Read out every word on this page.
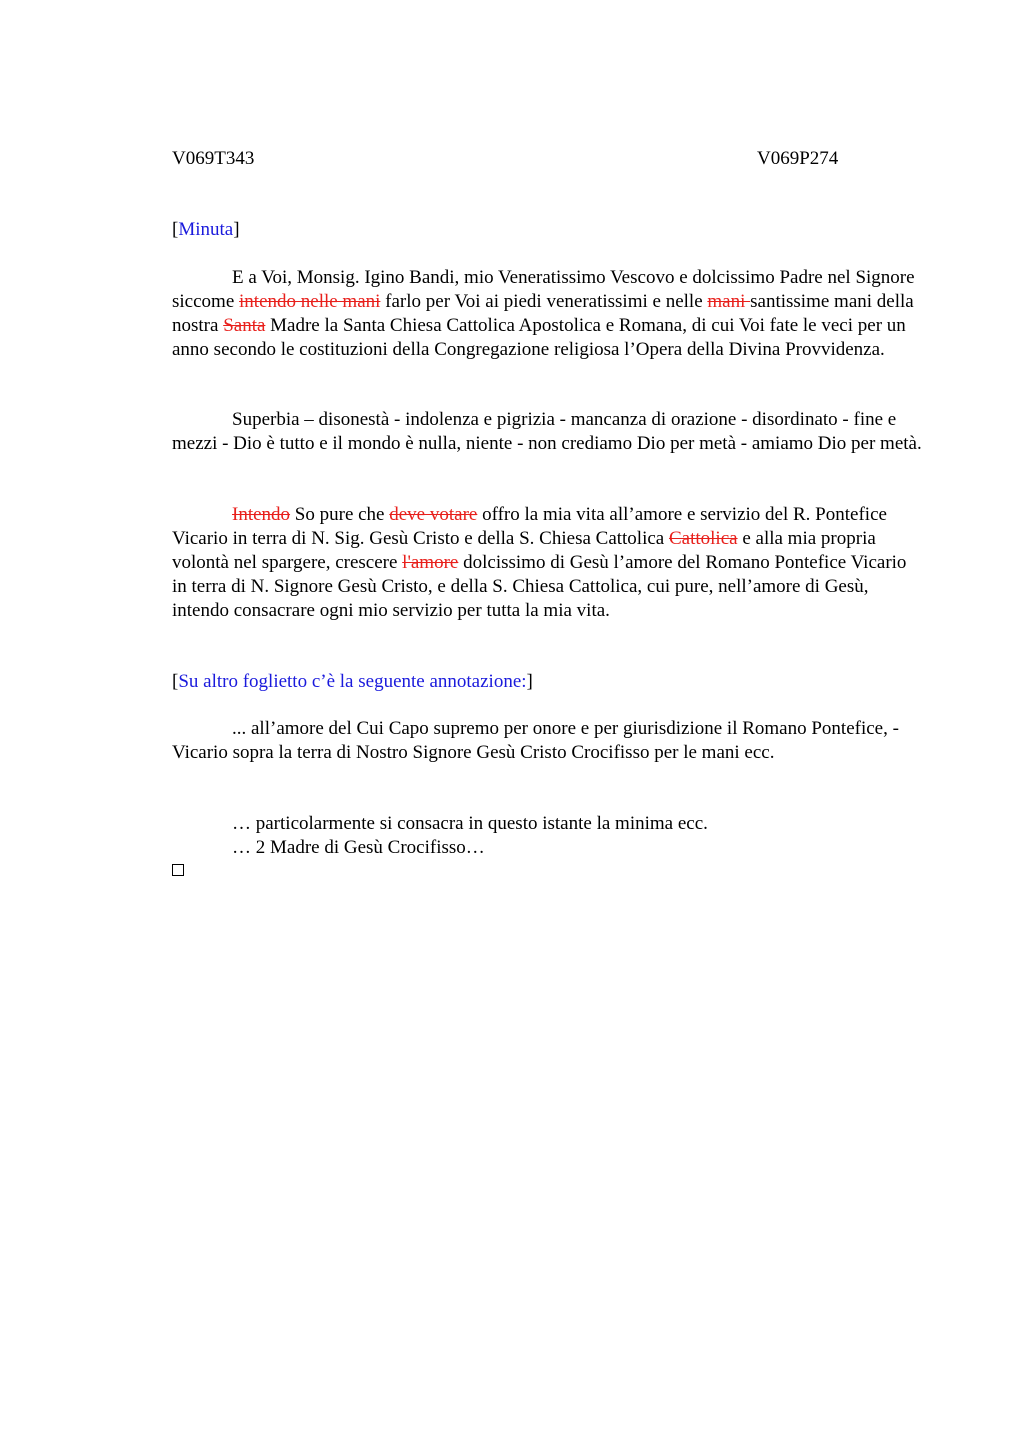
V069T343	V069P274

[Minuta]

E a Voi, Monsig. Igino Bandi, mio Veneratissimo Vescovo e dolcissimo Padre nel Signore siccome intendo nelle mani farlo per Voi ai piedi veneratissimi e nelle mani santissime mani della nostra Santa Madre la Santa Chiesa Cattolica Apostolica e Romana, di cui Voi fate le veci per un anno secondo le costituzioni della Congregazione religiosa l’Opera della Divina Provvidenza.

Superbia – disonestà - indolenza e pigrizia - mancanza di orazione - disordinato - fine e mezzi - Dio è tutto e il mondo è nulla, niente - non crediamo Dio per metà - amiamo Dio per metà.

Intendo So pure che deve votare offro la mia vita all’amore e servizio del R. Pontefice Vicario in terra di N. Sig. Gesù Cristo e della S. Chiesa Cattolica Cattolica e alla mia propria volontà nel spargere, crescere l'amore dolcissimo di Gesù l’amore del Romano Pontefice Vicario in terra di N. Signore Gesù Cristo, e della S. Chiesa Cattolica, cui pure, nell’amore di Gesù, intendo consacrare ogni mio servizio per tutta la mia vita.

[Su altro foglietto c’è la seguente annotazione:]

... all’amore del Cui Capo supremo per onore e per giurisdizione il Romano Pontefice, - Vicario sopra la terra di Nostro Signore Gesù Cristo Crocifisso per le mani ecc.

… particolarmente si consacra in questo istante la minima ecc.

… 2 Madre di Gesù Crocifisso…
